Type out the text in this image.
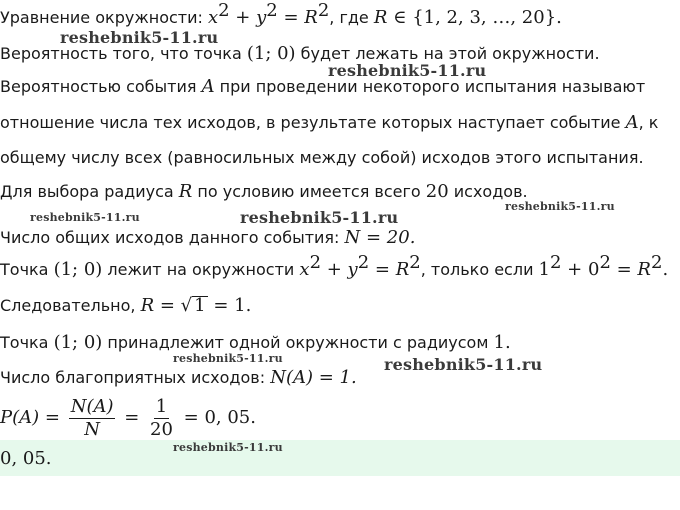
Уравнение окружности: $x^2 + y^2 = R^2$, где R ∈ {1, 2, 3, …, 20}.
Вероятность того, что точка (1; 0) будет лежать на этой окружности.
Вероятностью события A при проведении некоторого испытания называют
отношение числа тех исходов, в результате которых наступает событие A, к
общему числу всех (равносильных между собой) исходов этого испытания.
Для выбора радиуса R по условию имеется всего 20 исходов.
Число общих исходов данного события: N = 20.
Точка (1; 0) лежит на окружности $x^2 + y^2 = R^2$, только если $1^2 + 0^2 = R^2$.
Следовательно, R = √ 1 = 1.
Точка (1; 0) принадлежит одной окружности с радиусом 1.
Число благоприятных исходов: N(A) = 1.
$P(A) = \frac{N(A)}{N} = \frac{1}{20} = 0$, 05.
0, 05.
reshebnik5-11.ru
reshebnik5-11.ru
reshebnik5-11.ru	reshebnik5-11.ru
reshebnik5-11.ru
reshebnik5-11.ru	reshebnik5-11.ru
reshebnik5-11.ru
